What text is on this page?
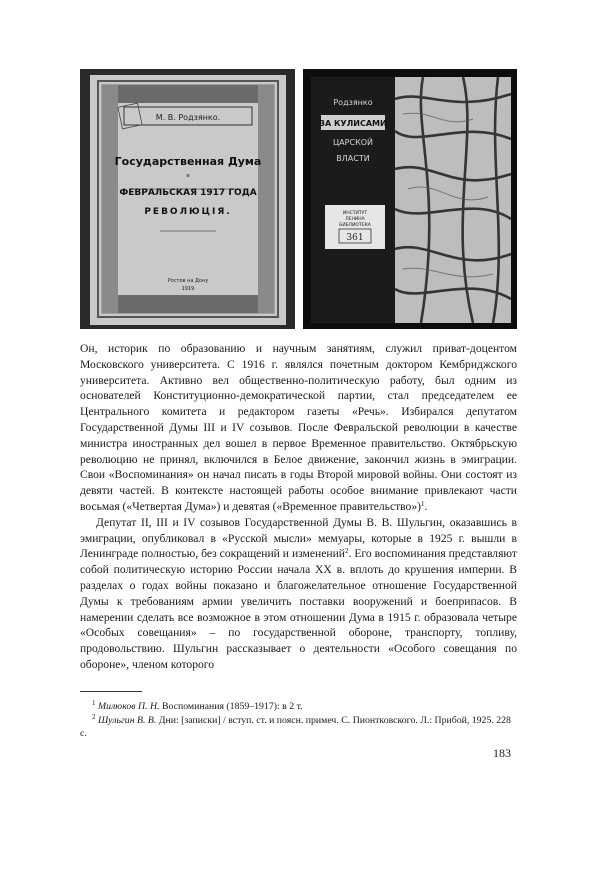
М. В. Родзянко.
Государственная Дума
и
ФЕВРАЛЬСКАЯ 1917 ГОДА
РЕВОЛЮЦІЯ.
Ростов на Дону
1919
Родзянко
ЗА КУЛИСАМИ
ЦАРСКОЙ
ВЛАСТИ
ИНСТИТУТ
ЛЕНИНА
БИБЛИОТЕКА
361

Он, историк по образованию и научным занятиям, служил приват-доцентом Московского университета. С 1916 г. являлся почетным доктором Кембриджского университета. Активно вел общественно-политическую работу, был одним из основателей Конституционно-демократической партии, стал председателем ее Центрального комитета и редактором газеты «Речь». Избирался депутатом Государственной Думы III и IV созывов. После Февральской революции в качестве министра иностранных дел вошел в первое Временное правительство. Октябрьскую революцию не принял, включился в Белое движение, закончил жизнь в эмиграции. Свои «Воспоминания» он начал писать в годы Второй мировой войны. Они состоят из девяти частей. В контексте настоящей работы особое внимание привлекают части восьмая («Четвертая Дума») и девятая («Временное правительство»)$^1$.

Депутат II, III и IV созывов Государственной Думы В. В. Шульгин, оказавшись в эмиграции, опубликовал в «Русской мысли» мемуары, которые в 1925 г. вышли в Ленинграде полностью, без сокращений и изменений$^2$. Его воспоминания представляют собой политическую историю России начала XX в. вплоть до крушения империи. В разделах о годах войны показано и благожелательное отношение Государственной Думы к требованиям армии увеличить поставки вооружений и боеприпасов. В намерении сделать все возможное в этом отношении Дума в 1915 г. образовала четыре «Особых совещания» – по государственной обороне, транспорту, топливу, продовольствию. Шульгин рассказывает о деятельности «Особого совещания по обороне», членом которого

$^1$ Милюков П. Н. Воспоминания (1859–1917): в 2 т.

$^2$ Шульгин В. В. Дни: [записки] / вступ. ст. и поясн. примеч. С. Пионтковского. Л.: Прибой, 1925. 228 с.

183
